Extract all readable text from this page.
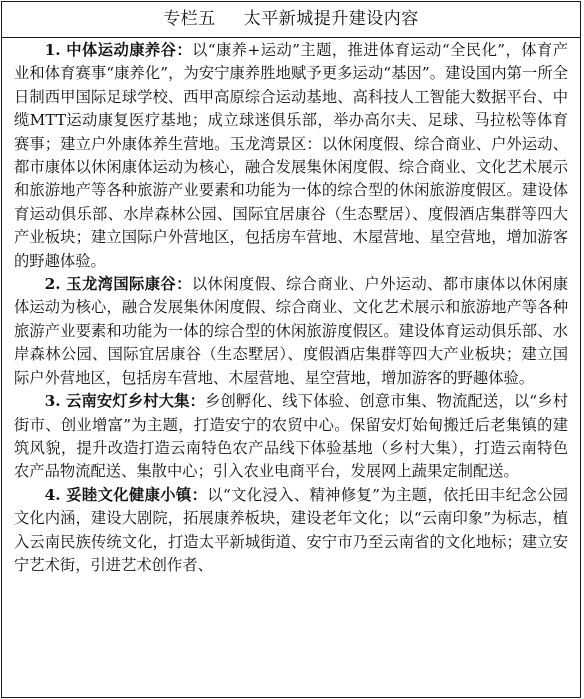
专栏五 太平新城提升建设内容

1. 中体运动康养谷：以“康养+运动”主题，推进体育运动“全民化”，体育产业和体育赛事“康养化”，为安宁康养胜地赋予更多运动“基因”。建设国内第一所全日制西甲国际足球学校、西甲高原综合运动基地、高科技人工智能大数据平台、中缆MTT运动康复医疗基地；成立球迷俱乐部，举办高尔夫、足球、马拉松等体育赛事；建立户外康体养生营地。玉龙湾景区：以休闲度假、综合商业、户外运动、都市康体以休闲康体运动为核心，融合发展集休闲度假、综合商业、文化艺术展示和旅游地产等各种旅游产业要素和功能为一体的综合型的休闲旅游度假区。建设体育运动俱乐部、水岸森林公园、国际宜居康谷（生态墅居）、度假酒店集群等四大产业板块；建立国际户外营地区，包括房车营地、木屋营地、星空营地，增加游客的野趣体验。

2. 玉龙湾国际康谷：以休闲度假、综合商业、户外运动、都市康体以休闲康体运动为核心，融合发展集休闲度假、综合商业、文化艺术展示和旅游地产等各种旅游产业要素和功能为一体的综合型的休闲旅游度假区。建设体育运动俱乐部、水岸森林公园、国际宜居康谷（生态墅居）、度假酒店集群等四大产业板块；建立国际户外营地区，包括房车营地、木屋营地、星空营地，增加游客的野趣体验。

3. 云南安灯乡村大集：乡创孵化、线下体验、创意市集、物流配送，以“乡村街市、创业增富”为主题，打造安宁的农贸中心。保留安灯始甸搬迁后老集镇的建筑风貌，提升改造打造云南特色农产品线下体验基地（乡村大集），打造云南特色农产品物流配送、集散中心；引入农业电商平台，发展网上蔬果定制配送。

4. 妥睦文化健康小镇：以“文化浸入、精神修复”为主题，依托田丰纪念公园文化内涵，建设大剧院，拓展康养板块，建设老年文化；以“云南印象”为标志，植入云南民族传统文化，打造太平新城街道、安宁市乃至云南省的文化地标；建立安宁艺术街，引进艺术创作者、
